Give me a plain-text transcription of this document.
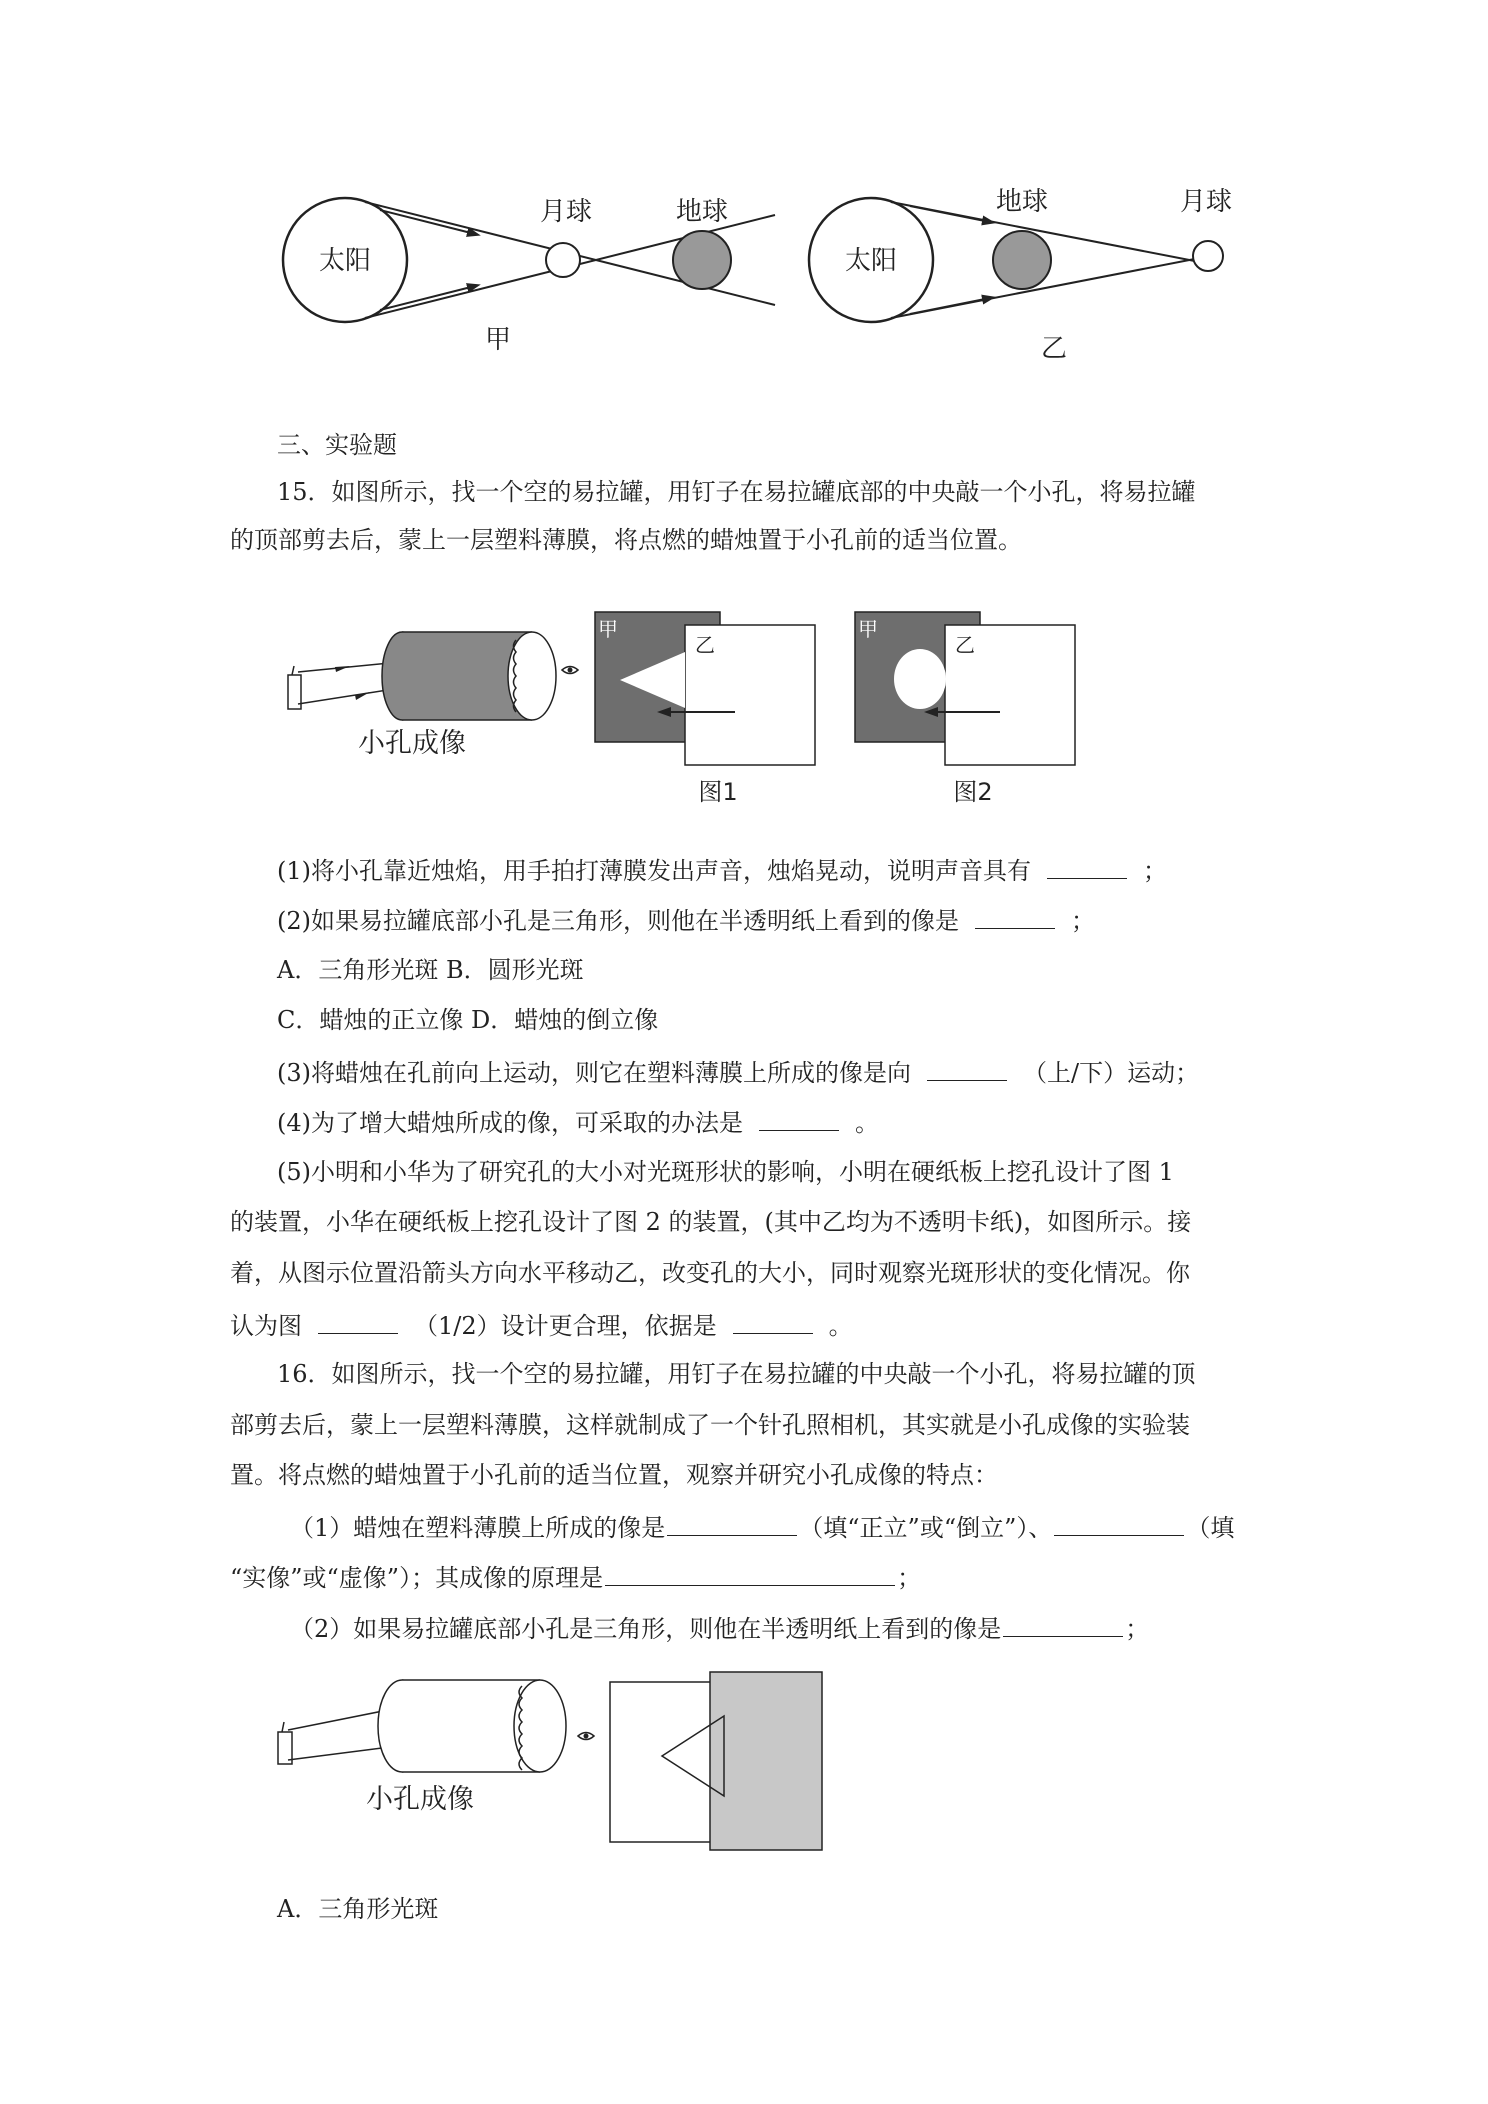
太阳
月球	地球
甲
太阳
地球	月球
乙
三、实验题
15．如图所示，找一个空的易拉罐，用钉子在易拉罐底部的中央敲一个小孔，将易拉罐
的顶部剪去后，蒙上一层塑料薄膜，将点燃的蜡烛置于小孔前的适当位置。
小孔成像
甲
乙
图1
甲
乙
图2
(1)将小孔靠近烛焰，用手拍打薄膜发出声音，烛焰晃动，说明声音具有	；
(2)如果易拉罐底部小孔是三角形，则他在半透明纸上看到的像是	；
A．三角形光斑 B．圆形光斑
C．蜡烛的正立像 D．蜡烛的倒立像
(3)将蜡烛在孔前向上运动，则它在塑料薄膜上所成的像是向	（上/下）运动；
(4)为了增大蜡烛所成的像，可采取的办法是	。
(5)小明和小华为了研究孔的大小对光斑形状的影响，小明在硬纸板上挖孔设计了图 1
的装置，小华在硬纸板上挖孔设计了图 2 的装置，(其中乙均为不透明卡纸)，如图所示。接
着，从图示位置沿箭头方向水平移动乙，改变孔的大小，同时观察光斑形状的变化情况。你
认为图	（1/2）设计更合理，依据是	。
16．如图所示，找一个空的易拉罐，用钉子在易拉罐的中央敲一个小孔，将易拉罐的顶
部剪去后，蒙上一层塑料薄膜，这样就制成了一个针孔照相机，其实就是小孔成像的实验装
置。将点燃的蜡烛置于小孔前的适当位置，观察并研究小孔成像的特点：
（1）蜡烛在塑料薄膜上所成的像是	（填“正立”或“倒立”）、	（填
“实像”或“虚像”）；其成像的原理是	；
（2）如果易拉罐底部小孔是三角形，则他在半透明纸上看到的像是	；
小孔成像
A．三角形光斑
